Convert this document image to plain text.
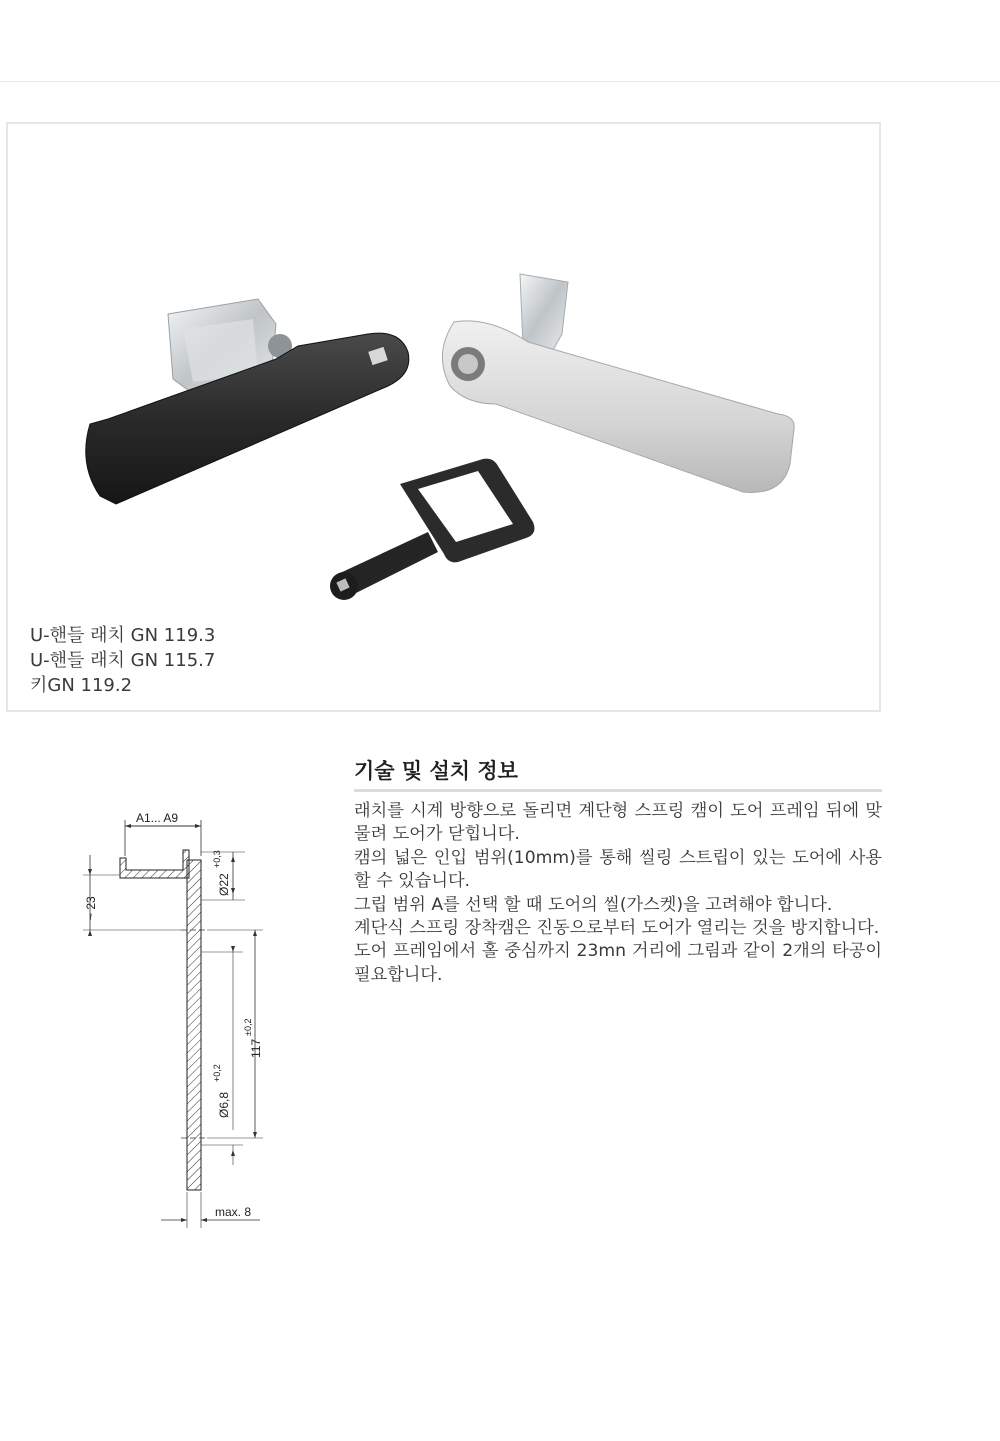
U-핸들 래치 GN 119.3
U-핸들 래치 GN 115.7
키GN 119.2
A1... A9
~ 23
Ø22
+0,3
117
±0,2
Ø6,8
+0,2
max. 8
기술 및 설치 정보
래치를 시계 방향으로 돌리면 계단형 스프링 캠이 도어 프레임 뒤에 맞물려 도어가 닫힙니다.
캠의 넓은 인입 범위(10mm)를 통해 씰링 스트립이 있는 도어에 사용할 수 있습니다.
그립 범위 A를 선택 할 때 도어의 씰(가스켓)을 고려해야 합니다.
계단식 스프링 장착캠은 진동으로부터 도어가 열리는 것을 방지합니다.
도어 프레임에서 홀 중심까지 23mn 거리에 그림과 같이 2개의 타공이 필요합니다.
